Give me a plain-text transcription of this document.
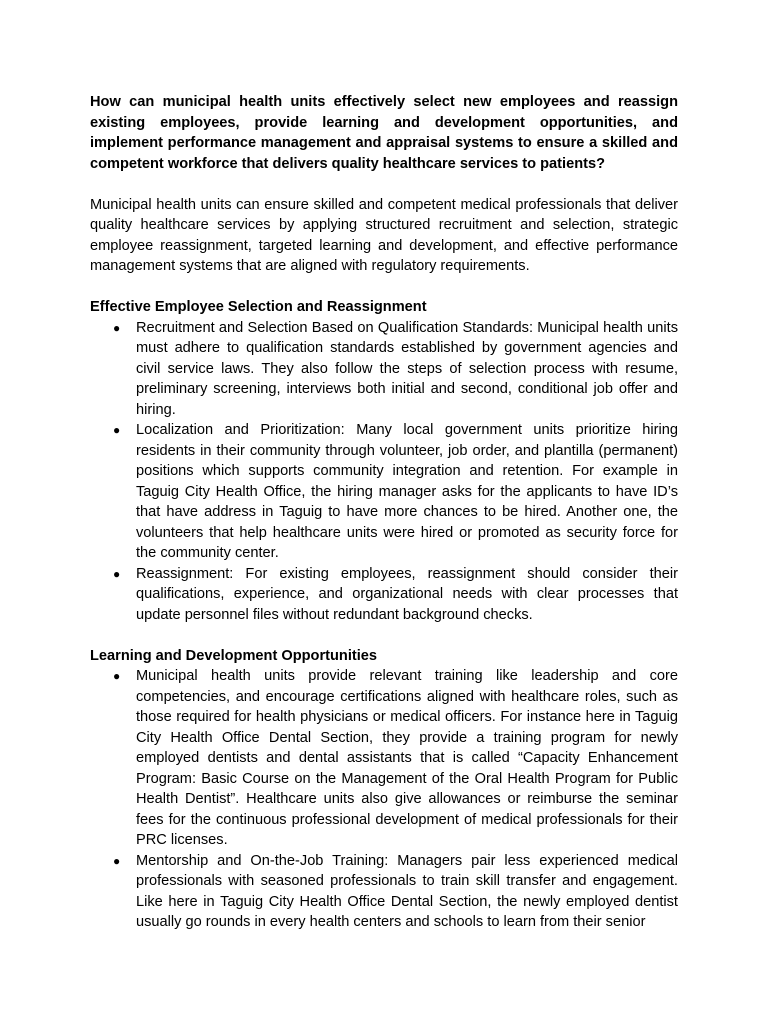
How can municipal health units effectively select new employees and reassign existing employees, provide learning and development opportunities, and implement performance management and appraisal systems to ensure a skilled and competent workforce that delivers quality healthcare services to patients?

Municipal health units can ensure skilled and competent medical professionals that deliver quality healthcare services by applying structured recruitment and selection, strategic employee reassignment, targeted learning and development, and effective performance management systems that are aligned with regulatory requirements.

Effective Employee Selection and Reassignment

● Recruitment and Selection Based on Qualification Standards: Municipal health units must adhere to qualification standards established by government agencies and civil service laws. They also follow the steps of selection process with resume, preliminary screening, interviews both initial and second, conditional job offer and hiring.
● Localization and Prioritization: Many local government units prioritize hiring residents in their community through volunteer, job order, and plantilla (permanent) positions which supports community integration and retention. For example in Taguig City Health Office, the hiring manager asks for the applicants to have ID’s that have address in Taguig to have more chances to be hired. Another one, the volunteers that help healthcare units were hired or promoted as security force for the community center.
● Reassignment: For existing employees, reassignment should consider their qualifications, experience, and organizational needs with clear processes that update personnel files without redundant background checks.

Learning and Development Opportunities

● Municipal health units provide relevant training like leadership and core competencies, and encourage certifications aligned with healthcare roles, such as those required for health physicians or medical officers. For instance here in Taguig City Health Office Dental Section, they provide a training program for newly employed dentists and dental assistants that is called “Capacity Enhancement Program: Basic Course on the Management of the Oral Health Program for Public Health Dentist”. Healthcare units also give allowances or reimburse the seminar fees for the continuous professional development of medical professionals for their PRC licenses.
● Mentorship and On-the-Job Training: Managers pair less experienced medical professionals with seasoned professionals to train skill transfer and engagement. Like here in Taguig City Health Office Dental Section, the newly employed dentist usually go rounds in every health centers and schools to learn from their senior
